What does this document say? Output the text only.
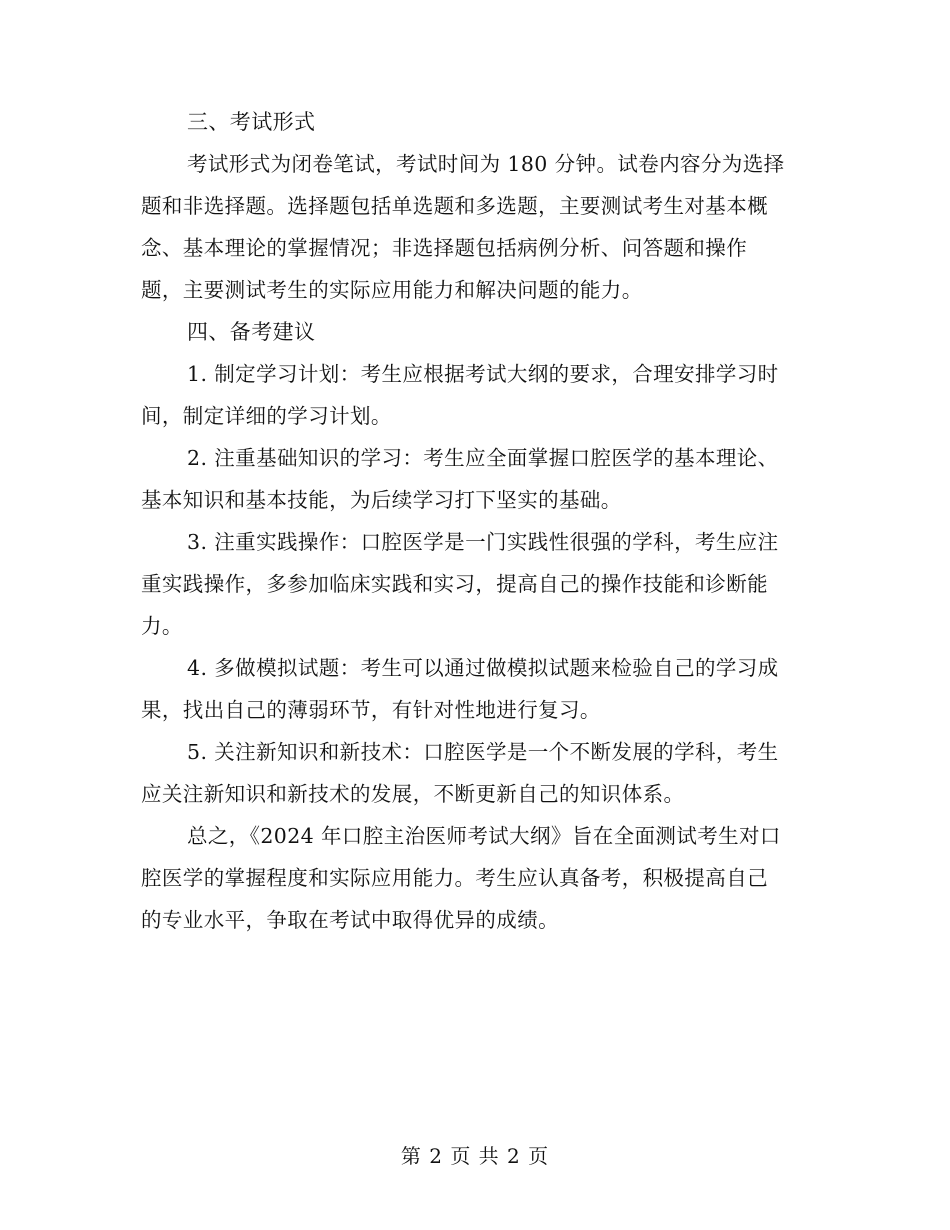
三、考试形式
考试形式为闭卷笔试，考试时间为 180 分钟。试卷内容分为选择
题和非选择题。选择题包括单选题和多选题，主要测试考生对基本概
念、基本理论的掌握情况；非选择题包括病例分析、问答题和操作
题，主要测试考生的实际应用能力和解决问题的能力。
四、备考建议
1. 制定学习计划：考生应根据考试大纲的要求，合理安排学习时
间，制定详细的学习计划。
2. 注重基础知识的学习：考生应全面掌握口腔医学的基本理论、
基本知识和基本技能，为后续学习打下坚实的基础。
3. 注重实践操作：口腔医学是一门实践性很强的学科，考生应注
重实践操作，多参加临床实践和实习，提高自己的操作技能和诊断能
力。
4. 多做模拟试题：考生可以通过做模拟试题来检验自己的学习成
果，找出自己的薄弱环节，有针对性地进行复习。
5. 关注新知识和新技术：口腔医学是一个不断发展的学科，考生
应关注新知识和新技术的发展，不断更新自己的知识体系。
总之，《2024 年口腔主治医师考试大纲》旨在全面测试考生对口
腔医学的掌握程度和实际应用能力。考生应认真备考，积极提高自己
的专业水平，争取在考试中取得优异的成绩。
第 2 页 共 2 页
